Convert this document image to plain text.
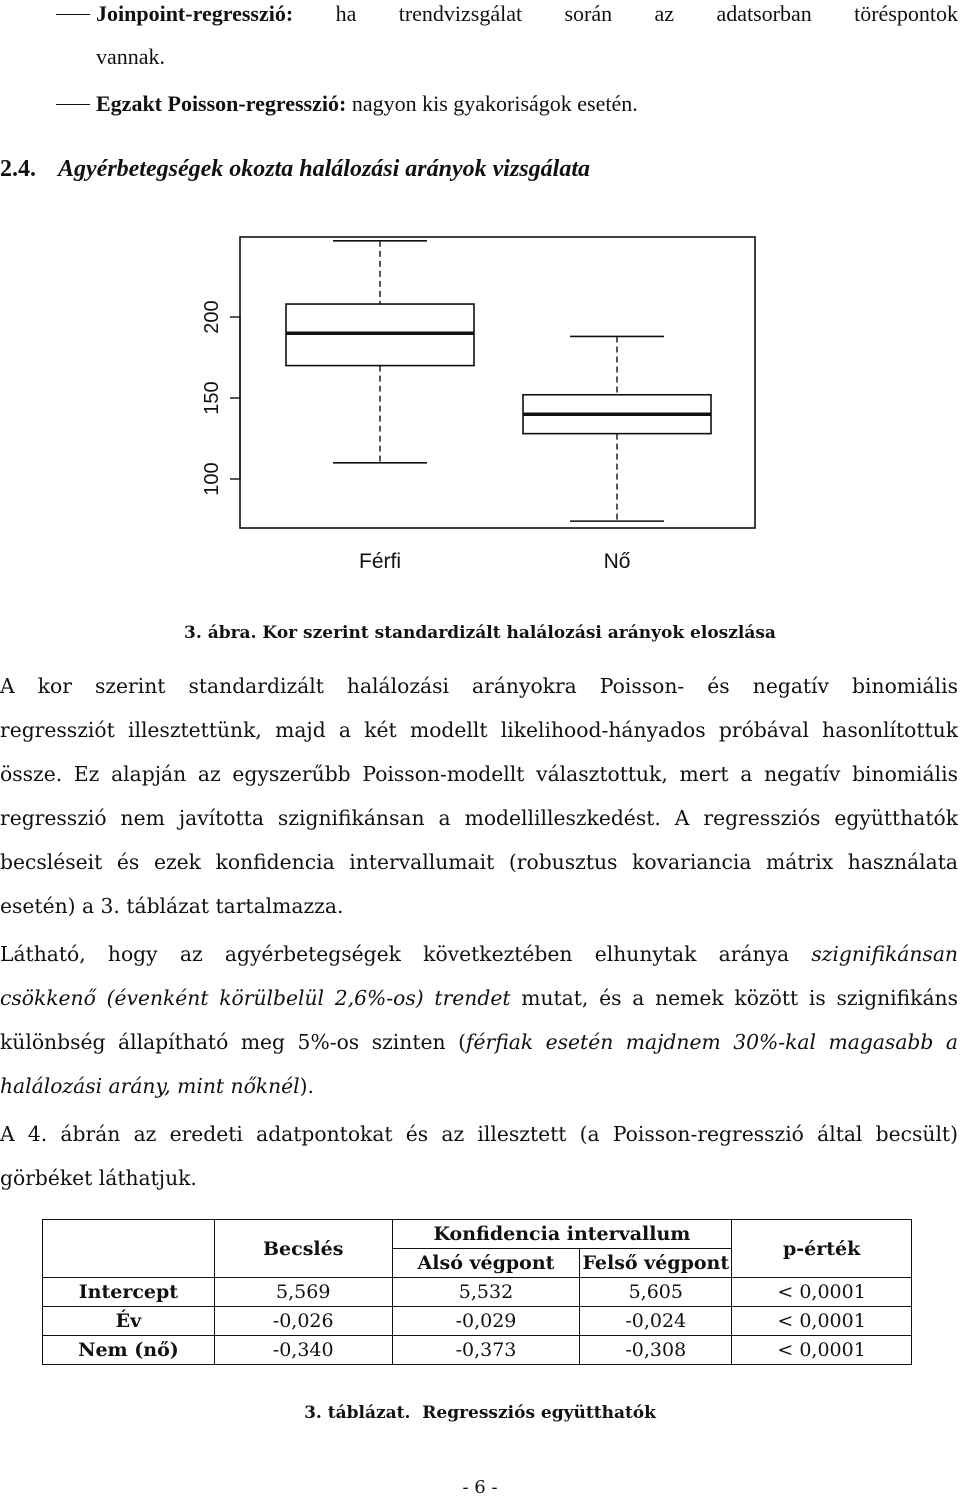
Joinpoint-regresszió: ha trendvizsgálat során az adatsorban töréspontok
vannak.
Egzakt Poisson-regresszió: nagyon kis gyakoriságok esetén.
2.4. Agyérbetegségek okozta halálozási arányok vizsgálata
100
150
200
Férfi	Nő
3. ábra. Kor szerint standardizált halálozási arányok eloszlása
A kor szerint standardizált halálozási arányokra Poisson- és negatív binomiális
regressziót illesztettünk, majd a két modellt likelihood-hányados próbával hasonlítottuk
össze. Ez alapján az egyszerűbb Poisson-modellt választottuk, mert a negatív binomiális
regresszió nem javította szignifikánsan a modellilleszkedést. A regressziós együtthatók
becsléseit és ezek konfidencia intervallumait (robusztus kovariancia mátrix használata
esetén) a 3. táblázat tartalmazza.
Látható, hogy az agyérbetegségek következtében elhunytak aránya szignifikánsan
csökkenő (évenként körülbelül 2,6%-os) trendet mutat, és a nemek között is szignifikáns
különbség állapítható meg 5%-os szinten (férfiak esetén majdnem 30%-kal magasabb a
halálozási arány, mint nőknél).
A 4. ábrán az eredeti adatpontokat és az illesztett (a Poisson-regresszió által becsült)
görbéket láthatjuk.
	Becslés	Konfidencia intervallum		p-érték
		Alsó végpont	Felső végpont	
Intercept	5,569	5,532	5,605	< 0,0001
Év	-0,026	-0,029	-0,024	< 0,0001
Nem (nő)	-0,340	-0,373	-0,308	< 0,0001
3. táblázat. Regressziós együtthatók
- 6 -
